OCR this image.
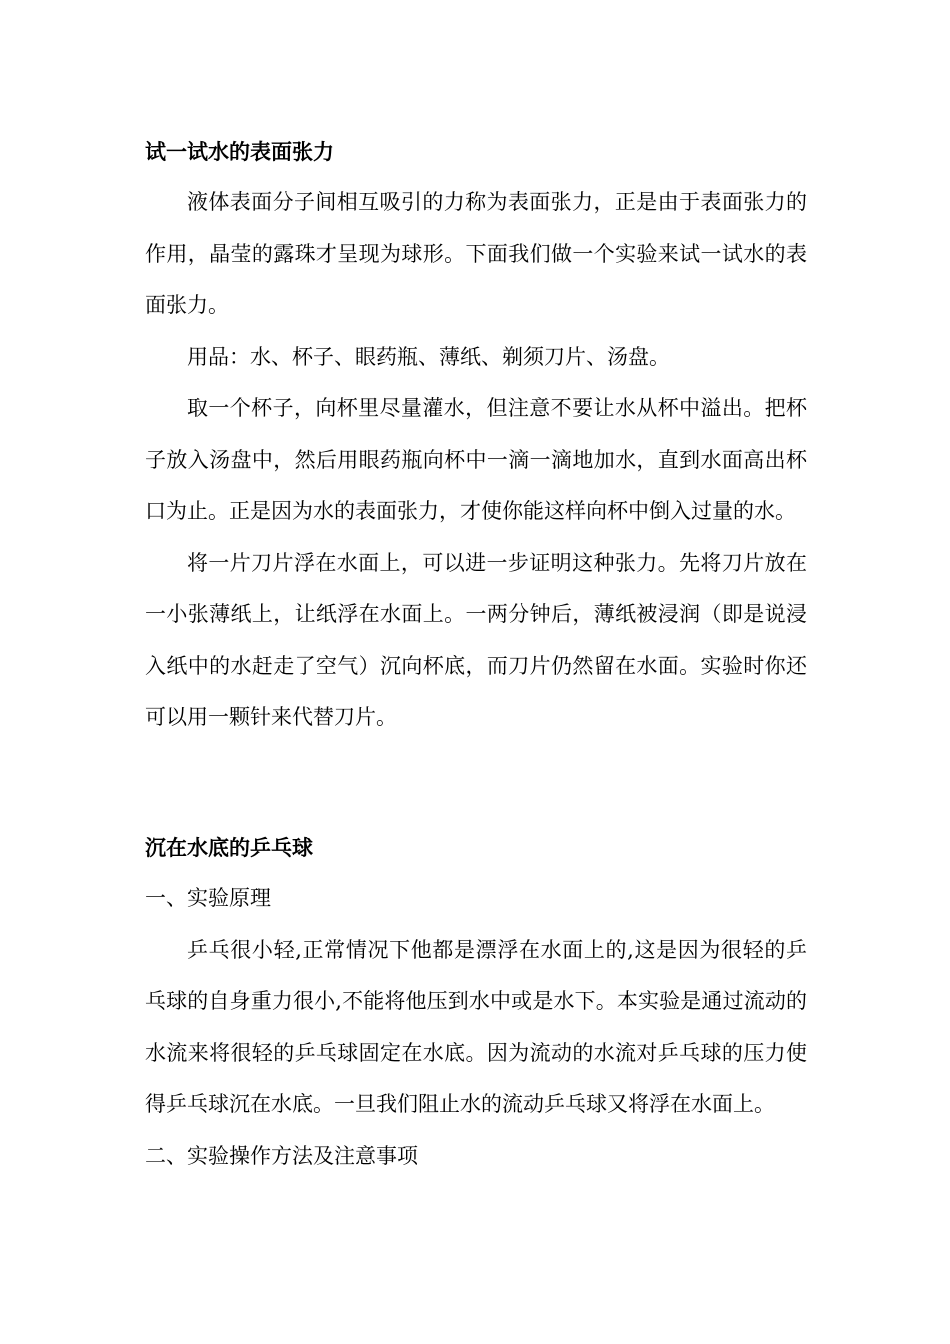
试一试水的表面张力

液体表面分子间相互吸引的力称为表面张力，正是由于表面张力的作用，晶莹的露珠才呈现为球形。下面我们做一个实验来试一试水的表面张力。

用品：水、杯子、眼药瓶、薄纸、剃须刀片、汤盘。

取一个杯子，向杯里尽量灌水，但注意不要让水从杯中溢出。把杯子放入汤盘中，然后用眼药瓶向杯中一滴一滴地加水，直到水面高出杯口为止。正是因为水的表面张力，才使你能这样向杯中倒入过量的水。

将一片刀片浮在水面上，可以进一步证明这种张力。先将刀片放在一小张薄纸上，让纸浮在水面上。一两分钟后，薄纸被浸润（即是说浸入纸中的水赶走了空气）沉向杯底，而刀片仍然留在水面。实验时你还可以用一颗针来代替刀片。

沉在水底的乒乓球

一、实验原理

乒乓很小轻,正常情况下他都是漂浮在水面上的,这是因为很轻的乒乓球的自身重力很小,不能将他压到水中或是水下。本实验是通过流动的水流来将很轻的乒乓球固定在水底。因为流动的水流对乒乓球的压力使得乒乓球沉在水底。一旦我们阻止水的流动乒乓球又将浮在水面上。

二、实验操作方法及注意事项
